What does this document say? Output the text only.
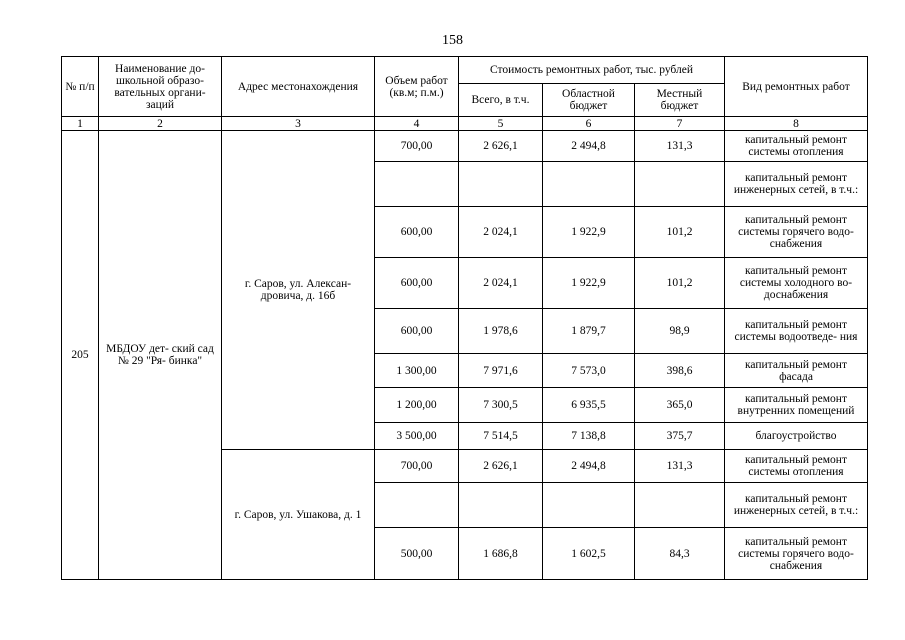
158
№ п/п	Наименование до- школьной образо- вательных органи- заций	Адрес местонахождения	Объем работ (кв.м; п.м.)	Стоимость ремонтных работ, тыс. рублей			Вид ремонтных работ
				Всего, в т.ч.	Областной бюджет	Местный бюджет	
1	2	3	4	5	6	7	8
205	МБДОУ дет- ский сад № 29 "Ря- бинка"	г. Саров, ул. Алексан- дровича, д. 16б	700,00	2 626,1	2 494,8	131,3	капитальный ремонт системы отопления
							капитальный ремонт инженерных сетей, в т.ч.:
			600,00	2 024,1	1 922,9	101,2	капитальный ремонт системы горячего водо- снабжения
			600,00	2 024,1	1 922,9	101,2	капитальный ремонт системы холодного во- доснабжения
			600,00	1 978,6	1 879,7	98,9	капитальный ремонт системы водоотведе- ния
			1 300,00	7 971,6	7 573,0	398,6	капитальный ремонт фасада
			1 200,00	7 300,5	6 935,5	365,0	капитальный ремонт внутренних помещений
			3 500,00	7 514,5	7 138,8	375,7	благоустройство
		г. Саров, ул. Ушакова, д. 1	700,00	2 626,1	2 494,8	131,3	капитальный ремонт системы отопления
							капитальный ремонт инженерных сетей, в т.ч.:
			500,00	1 686,8	1 602,5	84,3	капитальный ремонт системы горячего водо- снабжения
